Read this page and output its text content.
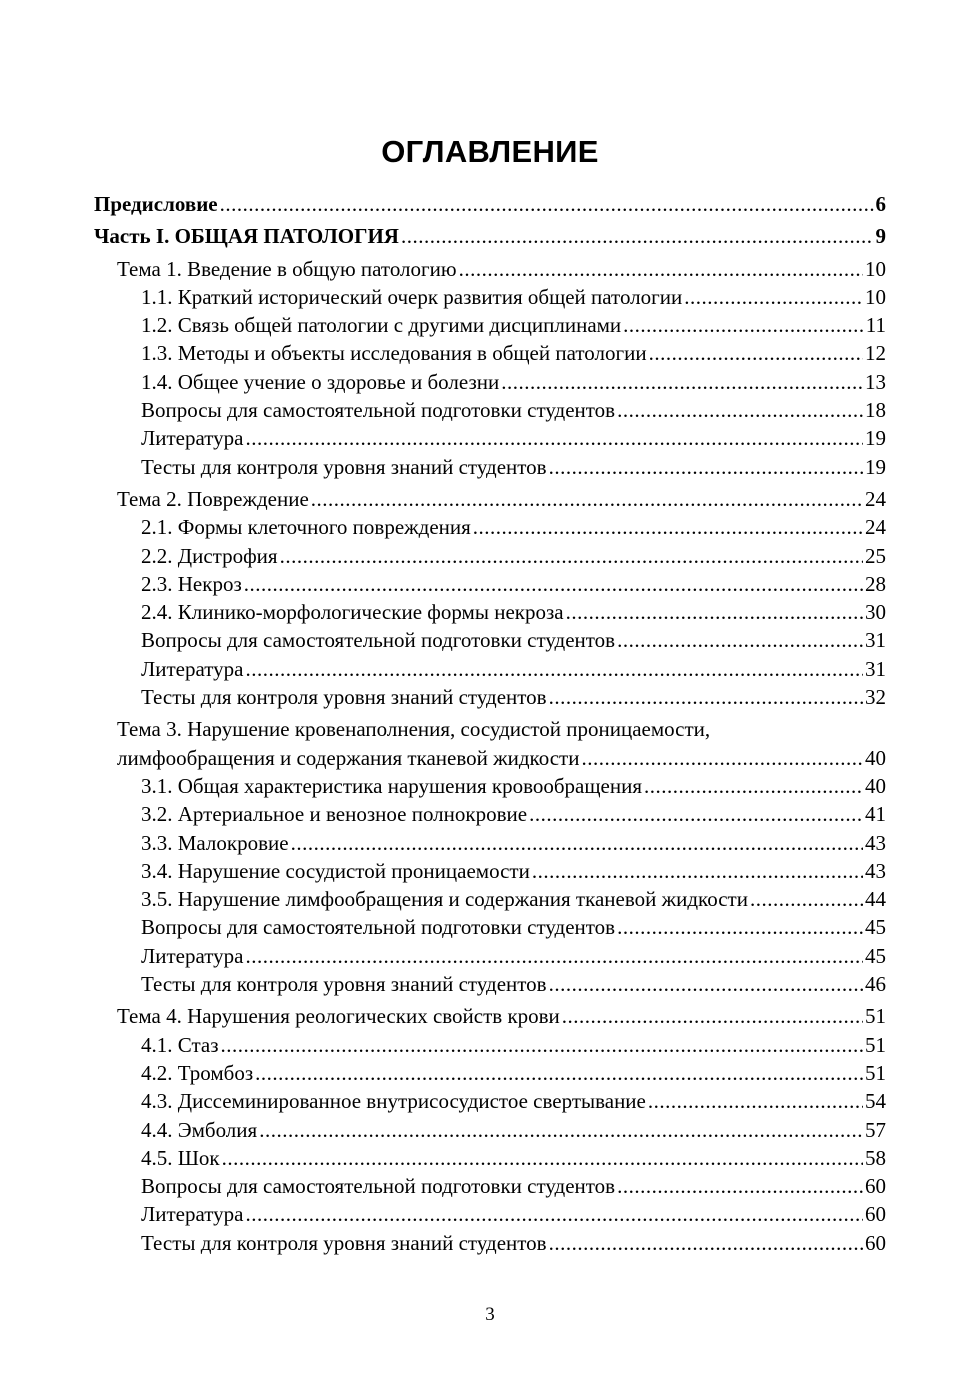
ОГЛАВЛЕНИЕ
Предисловие .....	6
Часть I. ОБЩАЯ ПАТОЛОГИЯ .....	9
Тема 1. Введение в общую патологию .....	10
1.1. Краткий исторический очерк развития общей патологии .....	10
1.2. Связь общей патологии с другими дисциплинами .....	11
1.3. Методы и объекты исследования в общей патологии .....	12
1.4. Общее учение о здоровье и болезни .....	13
Вопросы для самостоятельной подготовки студентов .....	18
Литература .....	19
Тесты для контроля уровня знаний студентов .....	19
Тема 2. Повреждение .....	24
2.1. Формы клеточного повреждения .....	24
2.2. Дистрофия .....	25
2.3. Некроз .....	28
2.4. Клинико-морфологические формы некроза .....	30
Вопросы для самостоятельной подготовки студентов .....	31
Литература .....	31
Тесты для контроля уровня знаний студентов .....	32
Тема 3. Нарушение кровенаполнения, сосудистой проницаемости,
лимфообращения и содержания тканевой жидкости .....	40
3.1. Общая характеристика нарушения кровообращения .....	40
3.2. Артериальное и венозное полнокровие .....	41
3.3. Малокровие .....	43
3.4. Нарушение сосудистой проницаемости .....	43
3.5. Нарушение лимфообращения и содержания тканевой жидкости .....	44
Вопросы для самостоятельной подготовки студентов .....	45
Литература .....	45
Тесты для контроля уровня знаний студентов .....	46
Тема 4. Нарушения реологических свойств крови .....	51
4.1. Стаз .....	51
4.2. Тромбоз .....	51
4.3. Диссеминированное внутрисосудистое свертывание .....	54
4.4. Эмболия .....	57
4.5. Шок .....	58
Вопросы для самостоятельной подготовки студентов .....	60
Литература .....	60
Тесты для контроля уровня знаний студентов .....	60
3
